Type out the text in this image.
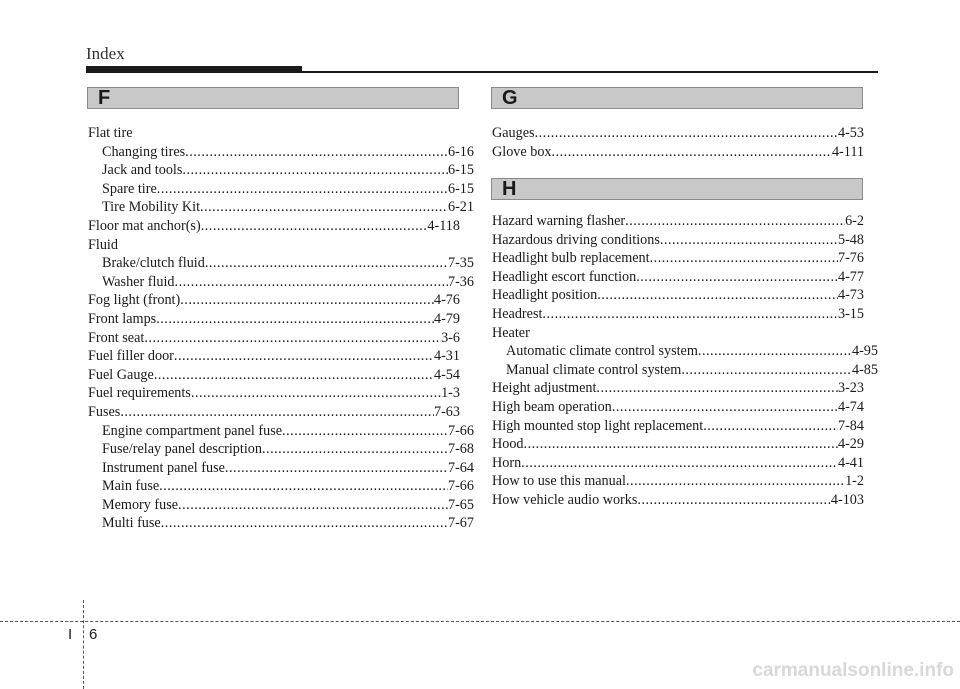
Index
F	G
H
Flat tire
Changing tires .....	6-16
Jack and tools .....	6-15
Spare tire .....	6-15
Tire Mobility Kit .....	6-21
Floor mat anchor(s) .....	4-118
Fluid
Brake/clutch fluid .....	7-35
Washer fluid .....	7-36
Fog light (front) .....	4-76
Front lamps .....	4-79
Front seat .....	3-6
Fuel filler door .....	4-31
Fuel Gauge .....	4-54
Fuel requirements .....	1-3
Fuses .....	7-63
Engine compartment panel fuse .....	7-66
Fuse/relay panel description .....	7-68
Instrument panel fuse .....	7-64
Main fuse .....	7-66
Memory fuse .....	7-65
Multi fuse .....	7-67
Gauges .....	4-53
Glove box .....	4-111
Hazard warning flasher .....	6-2
Hazardous driving conditions .....	5-48
Headlight bulb replacement .....	7-76
Headlight escort function .....	4-77
Headlight position .....	4-73
Headrest .....	3-15
Heater
Automatic climate control system .....	4-95
Manual climate control system .....	4-85
Height adjustment .....	3-23
High beam operation .....	4-74
High mounted stop light replacement .....	7-84
Hood .....	4-29
Horn .....	4-41
How to use this manual .....	1-2
How vehicle audio works .....	4-103
I 6
carmanualsonline.info
